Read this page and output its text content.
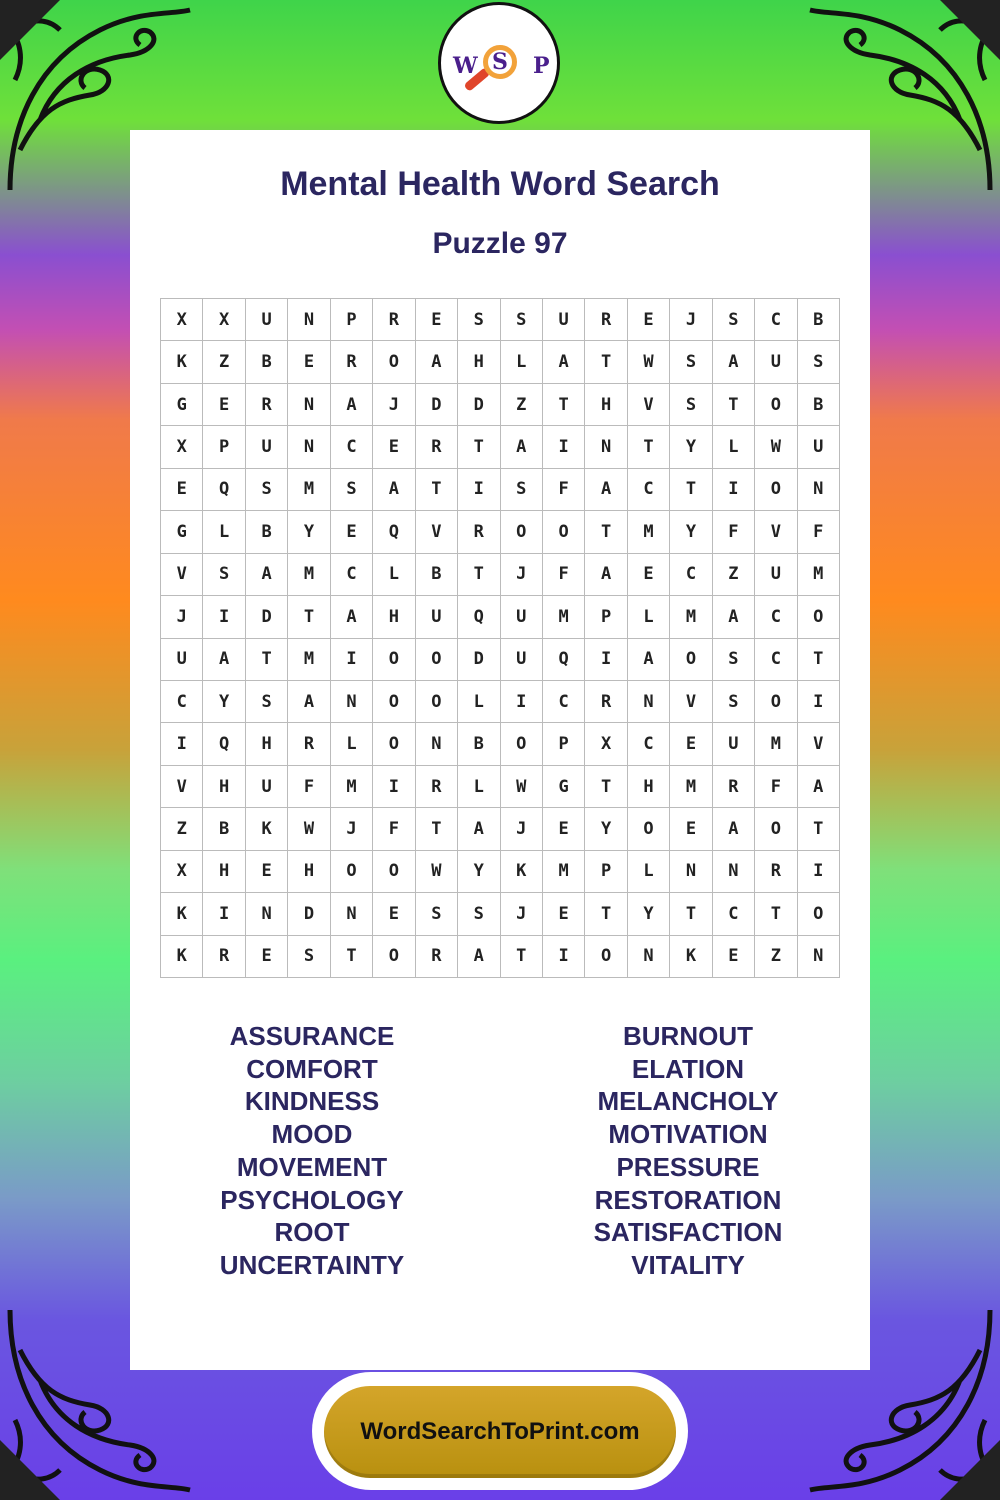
W S P
Mental Health Word Search
Puzzle 97
X	X	U	N	P	R	E	S	S	U	R	E	J	S	C	B
K	Z	B	E	R	O	A	H	L	A	T	W	S	A	U	S
G	E	R	N	A	J	D	D	Z	T	H	V	S	T	O	B
X	P	U	N	C	E	R	T	A	I	N	T	Y	L	W	U
E	Q	S	M	S	A	T	I	S	F	A	C	T	I	O	N
G	L	B	Y	E	Q	V	R	O	O	T	M	Y	F	V	F
V	S	A	M	C	L	B	T	J	F	A	E	C	Z	U	M
J	I	D	T	A	H	U	Q	U	M	P	L	M	A	C	O
U	A	T	M	I	O	O	D	U	Q	I	A	O	S	C	T
C	Y	S	A	N	O	O	L	I	C	R	N	V	S	O	I
I	Q	H	R	L	O	N	B	O	P	X	C	E	U	M	V
V	H	U	F	M	I	R	L	W	G	T	H	M	R	F	A
Z	B	K	W	J	F	T	A	J	E	Y	O	E	A	O	T
X	H	E	H	O	O	W	Y	K	M	P	L	N	N	R	I
K	I	N	D	N	E	S	S	J	E	T	Y	T	C	T	O
K	R	E	S	T	O	R	A	T	I	O	N	K	E	Z	N
ASSURANCE
COMFORT
KINDNESS
MOOD
MOVEMENT
PSYCHOLOGY
ROOT
UNCERTAINTY
BURNOUT
ELATION
MELANCHOLY
MOTIVATION
PRESSURE
RESTORATION
SATISFACTION
VITALITY
WordSearchToPrint.com
